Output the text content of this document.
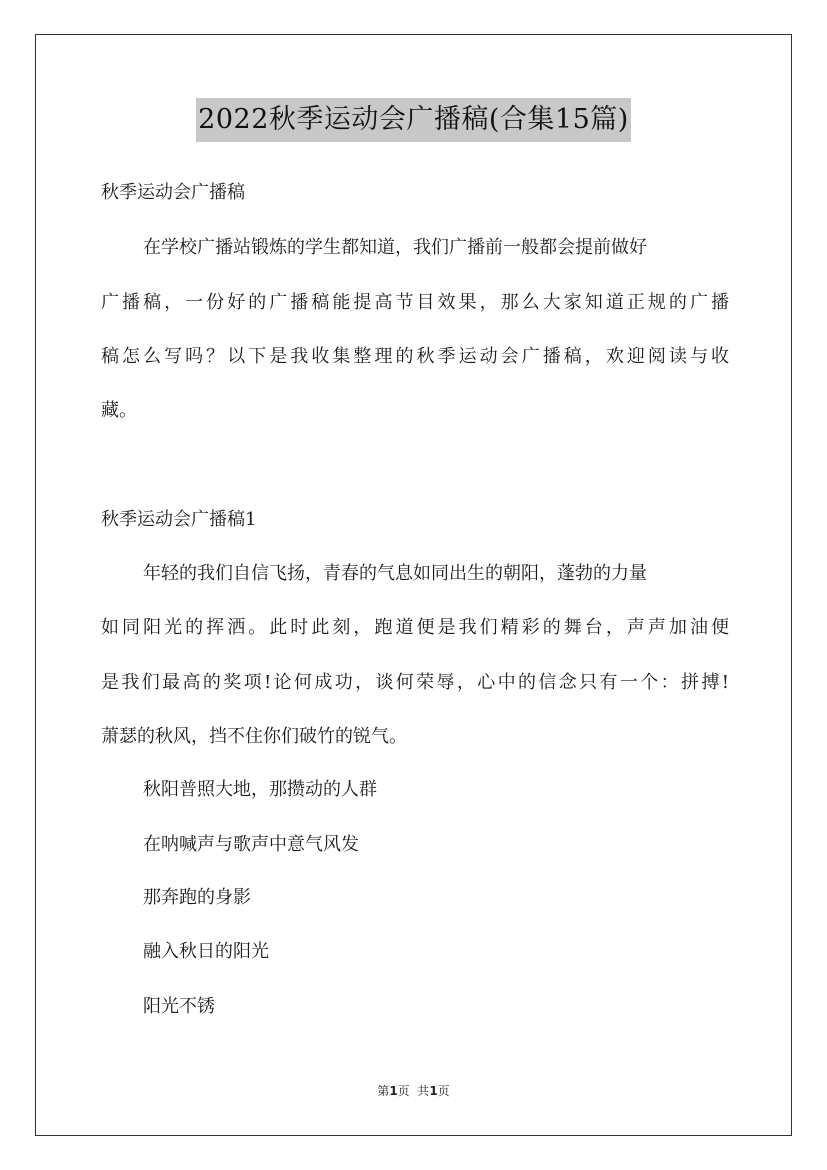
2022秋季运动会广播稿(合集15篇)
秋季运动会广播稿
在学校广播站锻炼的学生都知道，我们广播前一般都会提前做好
广播稿，一份好的广播稿能提高节目效果，那么大家知道正规的广播
稿怎么写吗？以下是我收集整理的秋季运动会广播稿，欢迎阅读与收
藏。
秋季运动会广播稿1
年轻的我们自信飞扬，青春的气息如同出生的朝阳，蓬勃的力量
如同阳光的挥洒。此时此刻，跑道便是我们精彩的舞台，声声加油便
是我们最高的奖项!论何成功，谈何荣辱，心中的信念只有一个：拼搏!
萧瑟的秋风，挡不住你们破竹的锐气。
秋阳普照大地，那攒动的人群
在呐喊声与歌声中意气风发
那奔跑的身影
融入秋日的阳光
阳光不锈
第1页  共1页
